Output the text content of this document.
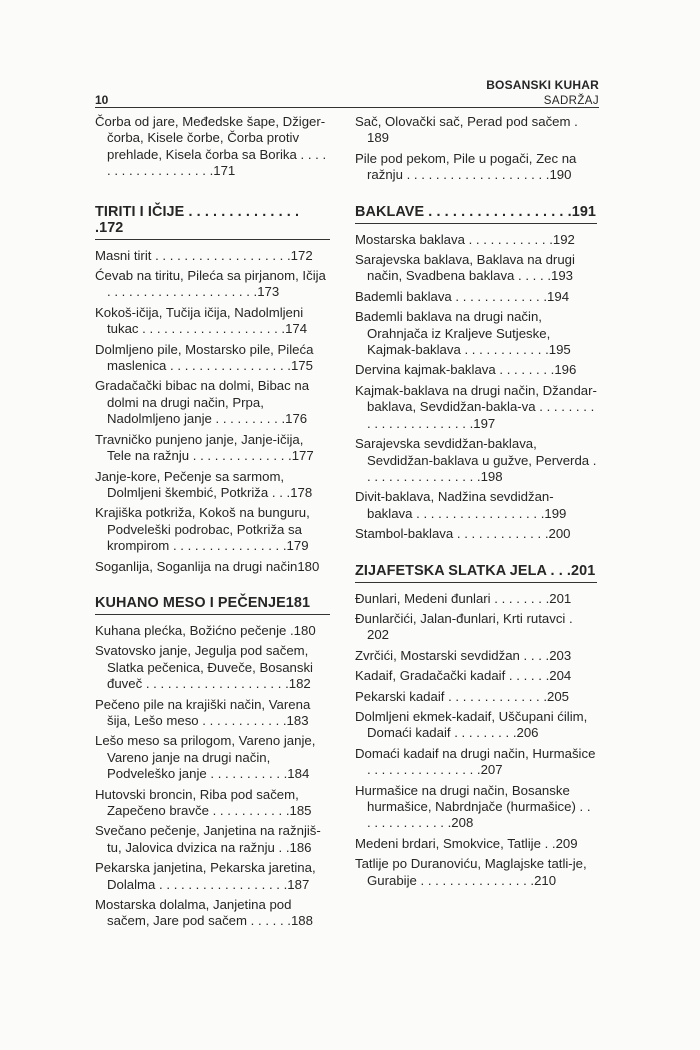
10
BOSANSKI KUHAR
SADRŽAJ
Čorba od jare, Međedske šape, Džiger-čorba, Kisele čorbe, Čorba protiv prehlade, Kisela čorba sa Borika . . . . . . . . . . . . . . . . . . .171
TIRITI I IČIJE . . . . . . . . . . . . . . .172
Masni tirit . . . . . . . . . . . . . . . . . . .172
Ćevab na tiritu, Pileća sa pirjanom, Ičija . . . . . . . . . . . . . . . . . . . . .173
Kokoš-ičija, Tučija ičija, Nadolmljeni tukac . . . . . . . . . . . . . . . . . . . .174
Dolmljeno pile, Mostarsko pile, Pileća maslenica . . . . . . . . . . . . . . . . .175
Gradačački bibac na dolmi, Bibac na dolmi na drugi način, Prpa, Nadolmljeno janje . . . . . . . . . .176
Travničko punjeno janje, Janje-ičija, Tele na ražnju . . . . . . . . . . . . . .177
Janje-kore, Pečenje sa sarmom, Dolmljeni škembić, Potkriža . . .178
Krajiška potkriža, Kokoš na bunguru, Podveleški podrobac, Potkriža sa krompirom . . . . . . . . . . . . . . . .179
Soganlija, Soganlija na drugi način180
KUHANO MESO I PEČENJE181
Kuhana plećka, Božićno pečenje .180
Svatovsko janje, Jegulja pod sačem, Slatka pečenica, Đuveče, Bosanski đuveč . . . . . . . . . . . . . . . . . . . .182
Pečeno pile na krajiški način, Varena šija, Lešo meso . . . . . . . . . . . .183
Lešo meso sa prilogom, Vareno janje, Vareno janje na drugi način, Podveleško janje . . . . . . . . . . .184
Hutovski broncin, Riba pod sačem, Zapečeno bravče . . . . . . . . . . .185
Svečano pečenje, Janjetina na ražnjiš-tu, Jalovica dvizica na ražnju . .186
Pekarska janjetina, Pekarska jaretina, Dolalma . . . . . . . . . . . . . . . . . .187
Mostarska dolalma, Janjetina pod sačem, Jare pod sačem . . . . . .188
Sač, Olovački sač, Perad pod sačem . 189
Pile pod pekom, Pile u pogači, Zec na ražnju . . . . . . . . . . . . . . . . . . . .190
BAKLAVE . . . . . . . . . . . . . . . . . .191
Mostarska baklava . . . . . . . . . . . .192
Sarajevska baklava, Baklava na drugi način, Svadbena baklava . . . . .193
Bademli baklava . . . . . . . . . . . . .194
Bademli baklava na drugi način, Orahnjača iz Kraljeve Sutjeske, Kajmak-baklava . . . . . . . . . . . .195
Dervina kajmak-baklava . . . . . . . .196
Kajmak-baklava na drugi način, Džandar-baklava, Sevdidžan-bakla-va . . . . . . . . . . . . . . . . . . . . . . .197
Sarajevska sevdidžan-baklava, Sevdidžan-baklava u gužve, Perverda . . . . . . . . . . . . . . . . .198
Divit-baklava, Nadžina sevdidžan-baklava . . . . . . . . . . . . . . . . . .199
Stambol-baklava . . . . . . . . . . . . .200
ZIJAFETSKA SLATKA JELA . . .201
Đunlari, Medeni đunlari . . . . . . . .201
Đunlarčići, Jalan-đunlari, Krti rutavci . 202
Zvrčići, Mostarski sevdidžan . . . .203
Kadaif, Gradačački kadaif . . . . . .204
Pekarski kadaif . . . . . . . . . . . . . .205
Dolmljeni ekmek-kadaif, Uščupani ćilim, Domaći kadaif . . . . . . . . .206
Domaći kadaif na drugi način, Hurmašice . . . . . . . . . . . . . . . .207
Hurmašice na drugi način, Bosanske hurmašice, Nabrdnjače (hurmašice) . . . . . . . . . . . . . .208
Medeni brdari, Smokvice, Tatlije . .209
Tatlije po Duranoviću, Maglajske tatli-je, Gurabije . . . . . . . . . . . . . . . .210
